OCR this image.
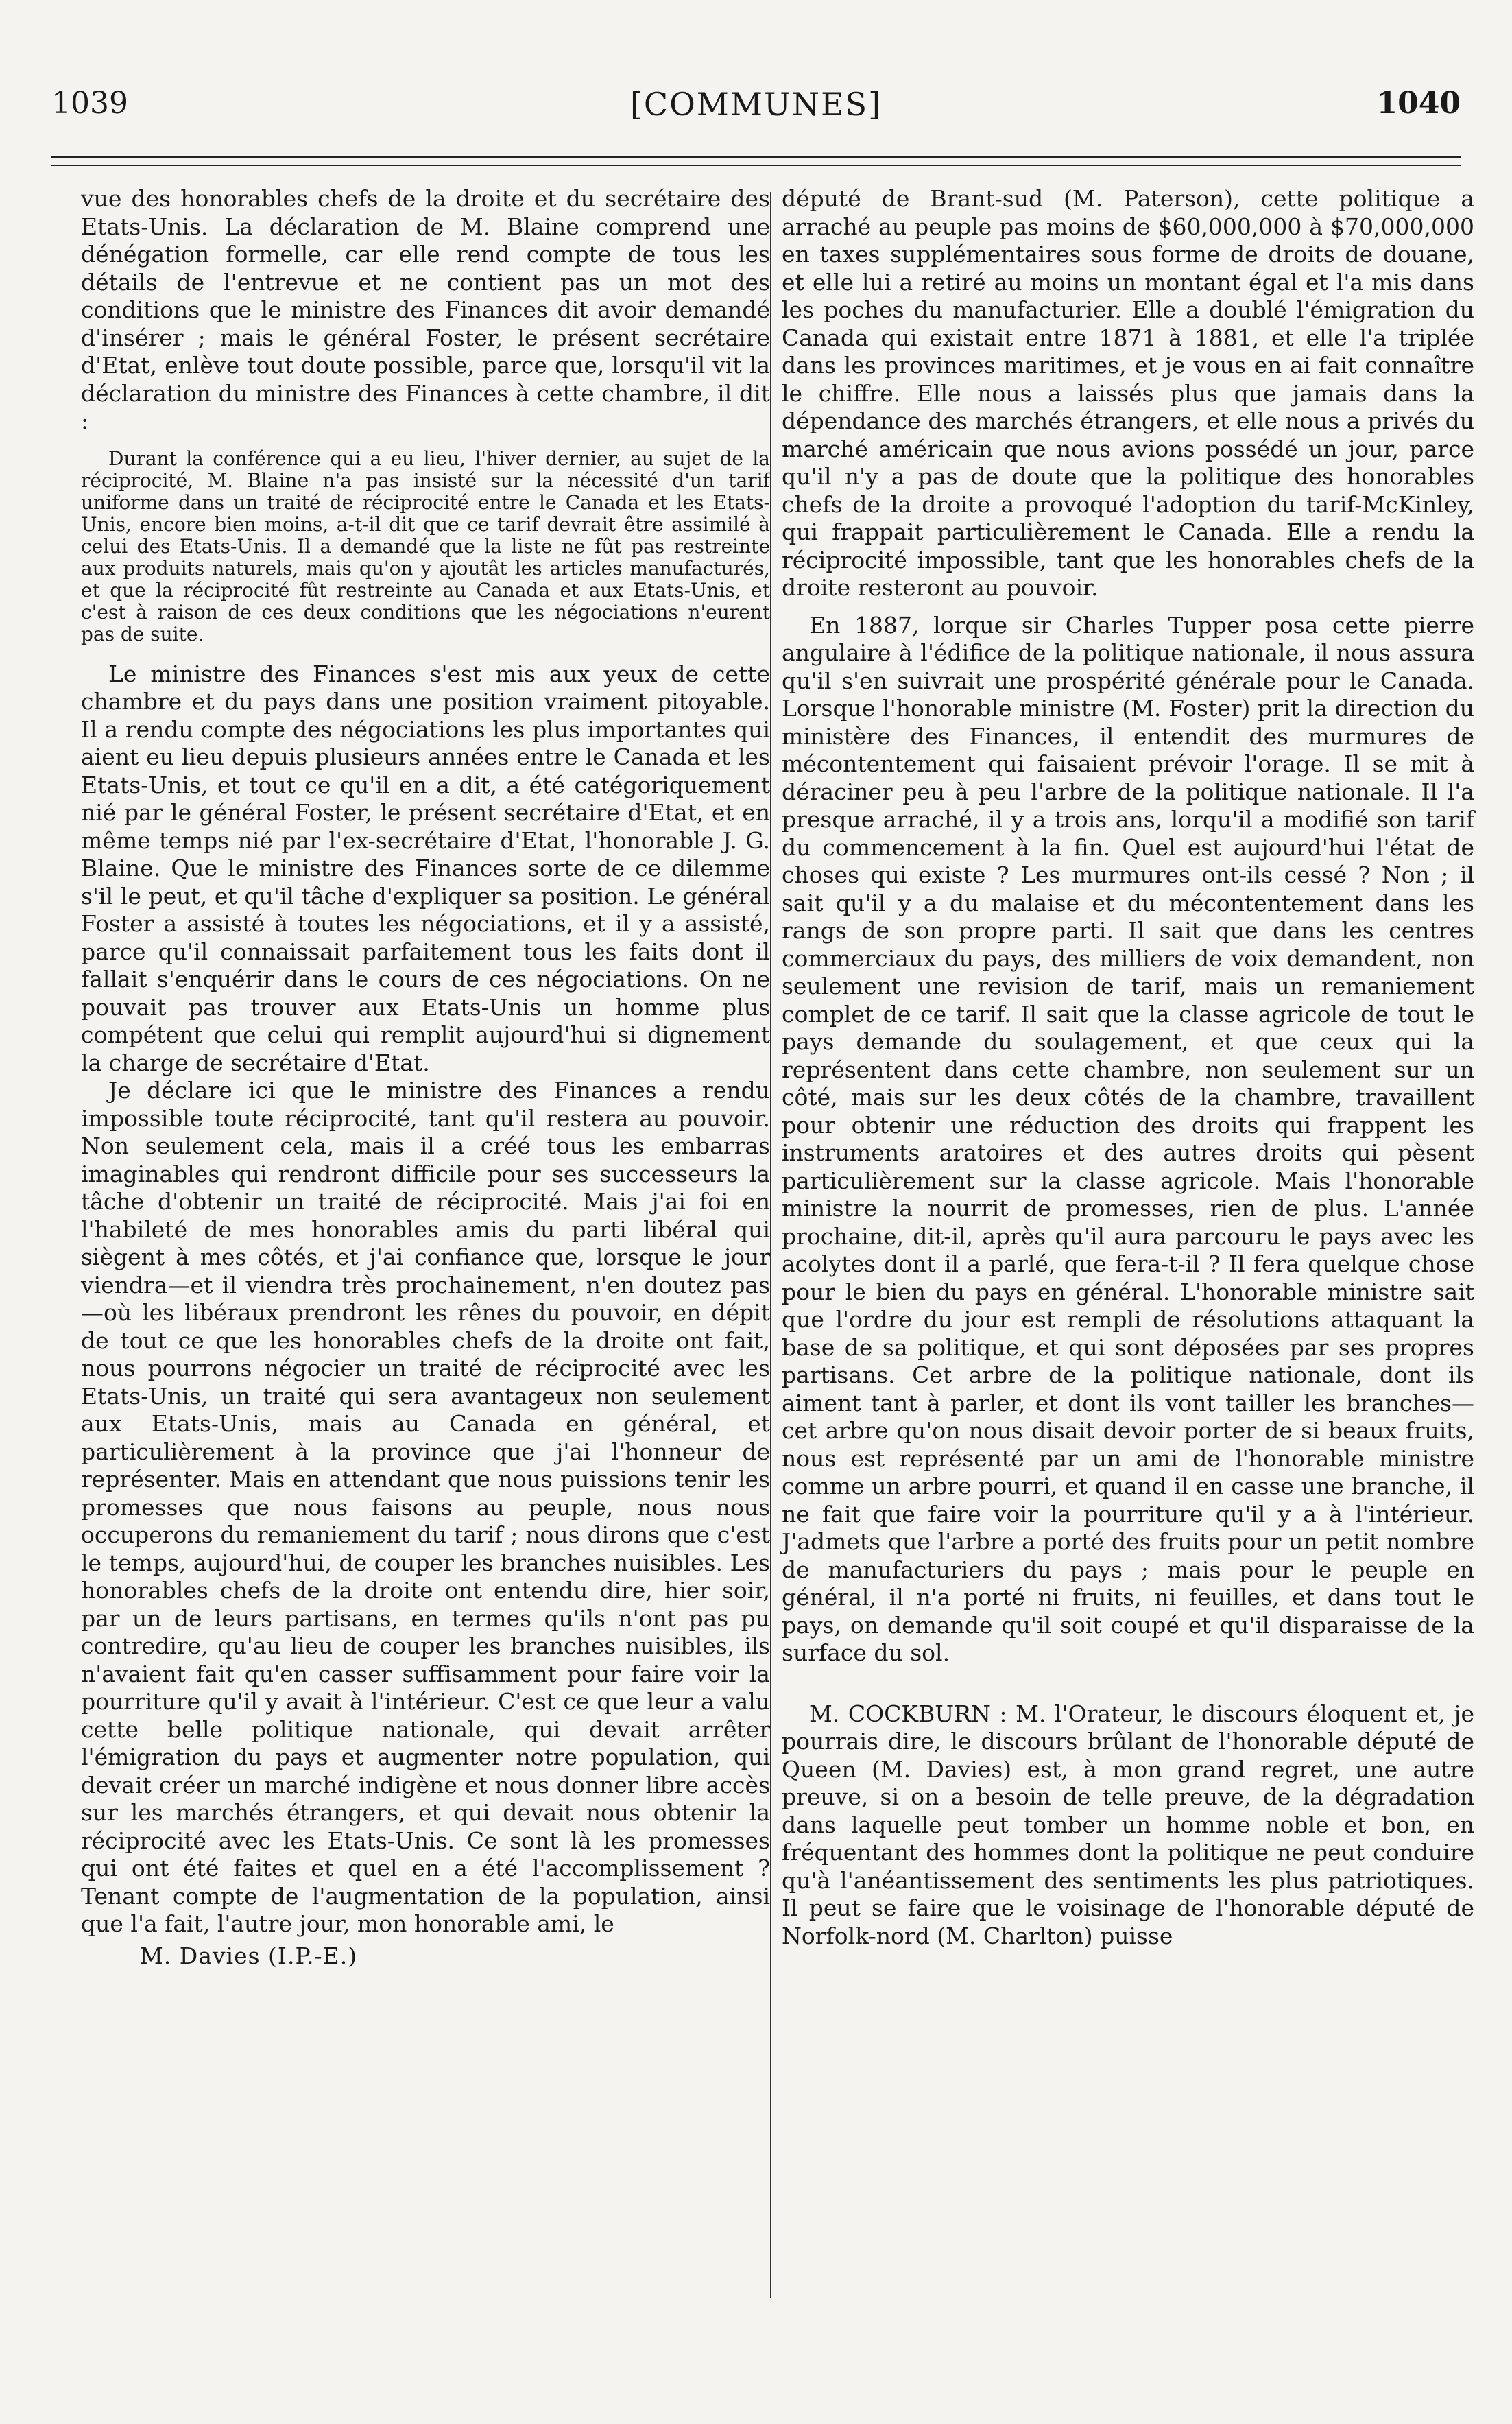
1039	[COMMUNES]	1040

vue des honorables chefs de la droite et du secrétaire des Etats-Unis. La déclaration de M. Blaine comprend une dénégation formelle, car elle rend compte de tous les détails de l'entrevue et ne contient pas un mot des conditions que le ministre des Finances dit avoir demandé d'insérer ; mais le général Foster, le présent secrétaire d'Etat, enlève tout doute possible, parce que, lorsqu'il vit la déclaration du ministre des Finances à cette chambre, il dit :

Durant la conférence qui a eu lieu, l'hiver dernier, au sujet de la réciprocité, M. Blaine n'a pas insisté sur la nécessité d'un tarif uniforme dans un traité de réciprocité entre le Canada et les Etats-Unis, encore bien moins, a-t-il dit que ce tarif devrait être assimilé à celui des Etats-Unis. Il a demandé que la liste ne fût pas restreinte aux produits naturels, mais qu'on y ajoutât les articles manufacturés, et que la réciprocité fût restreinte au Canada et aux Etats-Unis, et c'est à raison de ces deux conditions que les négociations n'eurent pas de suite.

Le ministre des Finances s'est mis aux yeux de cette chambre et du pays dans une position vraiment pitoyable. Il a rendu compte des négociations les plus importantes qui aient eu lieu depuis plusieurs années entre le Canada et les Etats-Unis, et tout ce qu'il en a dit, a été catégoriquement nié par le général Foster, le présent secrétaire d'Etat, et en même temps nié par l'ex-secrétaire d'Etat, l'honorable J. G. Blaine. Que le ministre des Finances sorte de ce dilemme s'il le peut, et qu'il tâche d'expliquer sa position. Le général Foster a assisté à toutes les négociations, et il y a assisté, parce qu'il connaissait parfaitement tous les faits dont il fallait s'enquérir dans le cours de ces négociations. On ne pouvait pas trouver aux Etats-Unis un homme plus compétent que celui qui remplit aujourd'hui si dignement la charge de secrétaire d'Etat.

Je déclare ici que le ministre des Finances a rendu impossible toute réciprocité, tant qu'il restera au pouvoir. Non seulement cela, mais il a créé tous les embarras imaginables qui rendront difficile pour ses successeurs la tâche d'obtenir un traité de réciprocité. Mais j'ai foi en l'habileté de mes honorables amis du parti libéral qui siègent à mes côtés, et j'ai confiance que, lorsque le jour viendra—et il viendra très prochainement, n'en doutez pas—où les libéraux prendront les rênes du pouvoir, en dépit de tout ce que les honorables chefs de la droite ont fait, nous pourrons négocier un traité de réciprocité avec les Etats-Unis, un traité qui sera avantageux non seulement aux Etats-Unis, mais au Canada en général, et particulièrement à la province que j'ai l'honneur de représenter. Mais en attendant que nous puissions tenir les promesses que nous faisons au peuple, nous nous occuperons du remaniement du tarif ; nous dirons que c'est le temps, aujourd'hui, de couper les branches nuisibles. Les honorables chefs de la droite ont entendu dire, hier soir, par un de leurs partisans, en termes qu'ils n'ont pas pu contredire, qu'au lieu de couper les branches nuisibles, ils n'avaient fait qu'en casser suffisamment pour faire voir la pourriture qu'il y avait à l'intérieur. C'est ce que leur a valu cette belle politique nationale, qui devait arrêter l'émigration du pays et augmenter notre population, qui devait créer un marché indigène et nous donner libre accès sur les marchés étrangers, et qui devait nous obtenir la réciprocité avec les Etats-Unis. Ce sont là les promesses qui ont été faites et quel en a été l'accomplissement ? Tenant compte de l'augmentation de la population, ainsi que l'a fait, l'autre jour, mon honorable ami, le

M. Davies (I.P.-E.)

député de Brant-sud (M. Paterson), cette politique a arraché au peuple pas moins de $60,000,000 à $70,000,000 en taxes supplémentaires sous forme de droits de douane, et elle lui a retiré au moins un montant égal et l'a mis dans les poches du manufacturier. Elle a doublé l'émigration du Canada qui existait entre 1871 à 1881, et elle l'a triplée dans les provinces maritimes, et je vous en ai fait connaître le chiffre. Elle nous a laissés plus que jamais dans la dépendance des marchés étrangers, et elle nous a privés du marché américain que nous avions possédé un jour, parce qu'il n'y a pas de doute que la politique des honorables chefs de la droite a provoqué l'adoption du tarif-McKinley, qui frappait particulièrement le Canada. Elle a rendu la réciprocité impossible, tant que les honorables chefs de la droite resteront au pouvoir.

En 1887, lorque sir Charles Tupper posa cette pierre angulaire à l'édifice de la politique nationale, il nous assura qu'il s'en suivrait une prospérité générale pour le Canada. Lorsque l'honorable ministre (M. Foster) prit la direction du ministère des Finances, il entendit des murmures de mécontentement qui faisaient prévoir l'orage. Il se mit à déraciner peu à peu l'arbre de la politique nationale. Il l'a presque arraché, il y a trois ans, lorqu'il a modifié son tarif du commencement à la fin. Quel est aujourd'hui l'état de choses qui existe ? Les murmures ont-ils cessé ? Non ; il sait qu'il y a du malaise et du mécontentement dans les rangs de son propre parti. Il sait que dans les centres commerciaux du pays, des milliers de voix demandent, non seulement une revision de tarif, mais un remaniement complet de ce tarif. Il sait que la classe agricole de tout le pays demande du soulagement, et que ceux qui la représentent dans cette chambre, non seulement sur un côté, mais sur les deux côtés de la chambre, travaillent pour obtenir une réduction des droits qui frappent les instruments aratoires et des autres droits qui pèsent particulièrement sur la classe agricole. Mais l'honorable ministre la nourrit de promesses, rien de plus. L'année prochaine, dit-il, après qu'il aura parcouru le pays avec les acolytes dont il a parlé, que fera-t-il ? Il fera quelque chose pour le bien du pays en général. L'honorable ministre sait que l'ordre du jour est rempli de résolutions attaquant la base de sa politique, et qui sont déposées par ses propres partisans. Cet arbre de la politique nationale, dont ils aiment tant à parler, et dont ils vont tailler les branches—cet arbre qu'on nous disait devoir porter de si beaux fruits, nous est représenté par un ami de l'honorable ministre comme un arbre pourri, et quand il en casse une branche, il ne fait que faire voir la pourriture qu'il y a à l'intérieur. J'admets que l'arbre a porté des fruits pour un petit nombre de manufacturiers du pays ; mais pour le peuple en général, il n'a porté ni fruits, ni feuilles, et dans tout le pays, on demande qu'il soit coupé et qu'il disparaisse de la surface du sol.

M. COCKBURN : M. l'Orateur, le discours éloquent et, je pourrais dire, le discours brûlant de l'honorable député de Queen (M. Davies) est, à mon grand regret, une autre preuve, si on a besoin de telle preuve, de la dégradation dans laquelle peut tomber un homme noble et bon, en fréquentant des hommes dont la politique ne peut conduire qu'à l'anéantissement des sentiments les plus patriotiques. Il peut se faire que le voisinage de l'honorable député de Norfolk-nord (M. Charlton) puisse
